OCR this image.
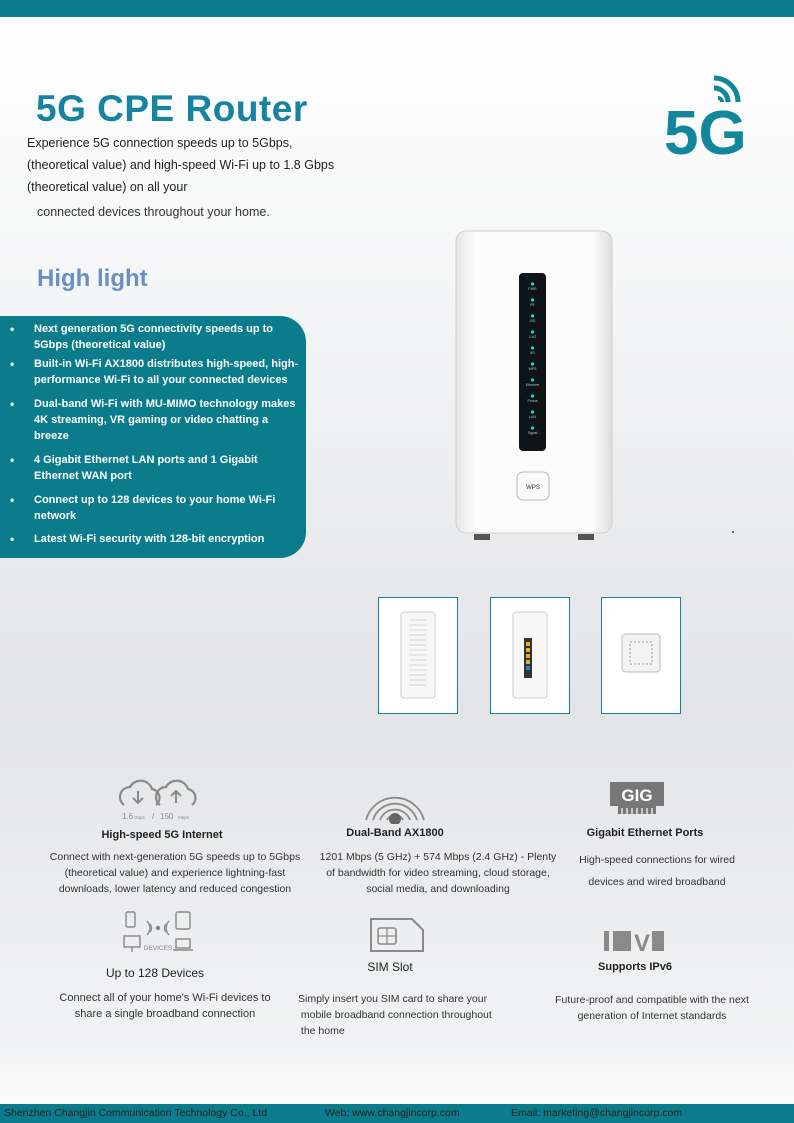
5G CPE Router

Experience 5G connection speeds up to 5Gbps,
(theoretical value) and high-speed Wi-Fi up to 1.8 Gbps
(theoretical value) on all your

connected devices throughout your home.

5G
High light
• Next generation 5G connectivity speeds up to 5Gbps (theoretical value)
• Built-in Wi-Fi AX1800 distributes high-speed, high-performance Wi-Fi to all your connected devices
• Dual-band Wi-Fi with MU-MIMO technology makes 4K streaming, VR gaming or video chatting a breeze
• 4 Gigabit Ethernet LAN ports and 1 Gigabit Ethernet WAN port
• Connect up to 128 devices to your home Wi-Fi network
• Latest Wi-Fi security with 128-bit encryption
PWR
RF
SIG
2.4G
5G
WPS
Ethernet
Phone
LAN
Signal
WPS
1.6 Gbps / 150 Mbps

High-speed 5G Internet

Connect with next-generation 5G speeds up to 5Gbps
(theoretical value) and experience lightning-fast
downloads, lower latency and reduced congestion

Dual-Band AX1800

1201 Mbps (5 GHz) + 574 Mbps (2.4 GHz) - Plenty
of bandwidth for video streaming, cloud storage,
social media, and downloading

GIG

Gigabit Ethernet Ports

High-speed connections for wired
devices and wired broadband

DEVICES

Up to 128 Devices

Connect all of your home's Wi-Fi devices to
share a single broadband connection

SIM Slot

Simply insert you SIM card to share your
mobile broadband connection throughout
the home

V

Supports IPv6

Future-proof and compatible with the next
generation of Internet standards

Shenzhen Changjin Communication Technology Co., Ltd	Web: www.changjincorp.com	Email: marketing@changjincorp.com
